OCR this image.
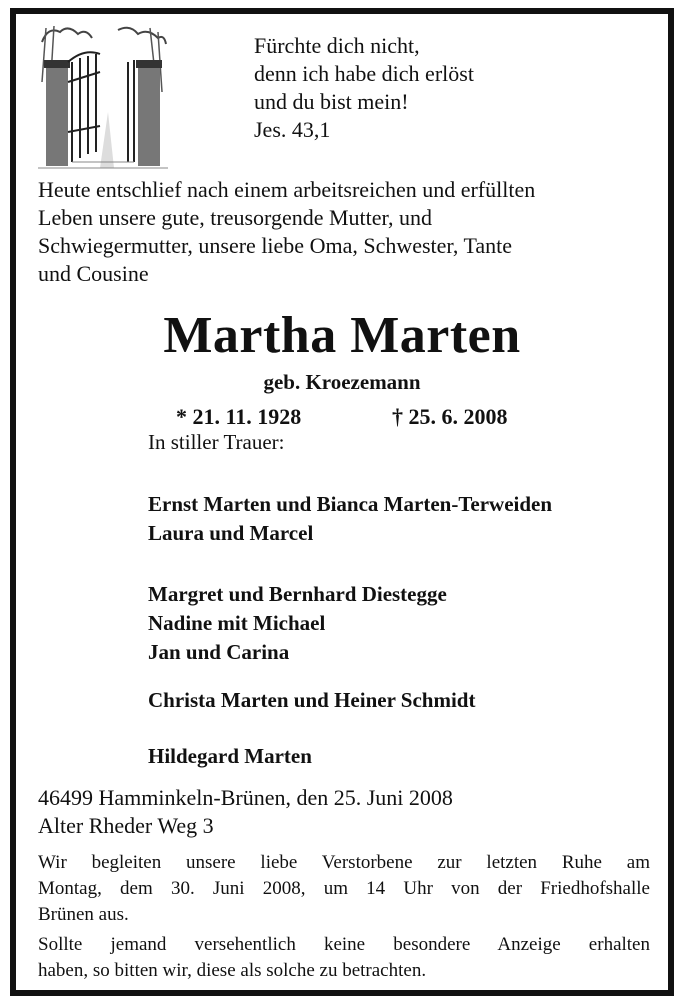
Fürchte dich nicht,
denn ich habe dich erlöst
und du bist mein!
Jes. 43,1
Heute entschlief nach einem arbeitsreichen und erfüllten
Leben unsere gute, treusorgende Mutter, und
Schwiegermutter, unsere liebe Oma, Schwester, Tante
und Cousine
Martha Marten
geb. Kroezemann
* 21. 11. 1928	† 25. 6. 2008
In stiller Trauer:
Ernst Marten und Bianca Marten-Terweiden
Laura und Marcel
Margret und Bernhard Diestegge
Nadine mit Michael
Jan und Carina
Christa Marten und Heiner Schmidt
Hildegard Marten
46499 Hamminkeln-Brünen, den 25. Juni 2008
Alter Rheder Weg 3
Wir begleiten unsere liebe Verstorbene zur letzten Ruhe am
Montag, dem 30. Juni 2008, um 14 Uhr von der Friedhofshalle
Brünen aus.
Sollte jemand versehentlich keine besondere Anzeige erhalten
haben, so bitten wir, diese als solche zu betrachten.
